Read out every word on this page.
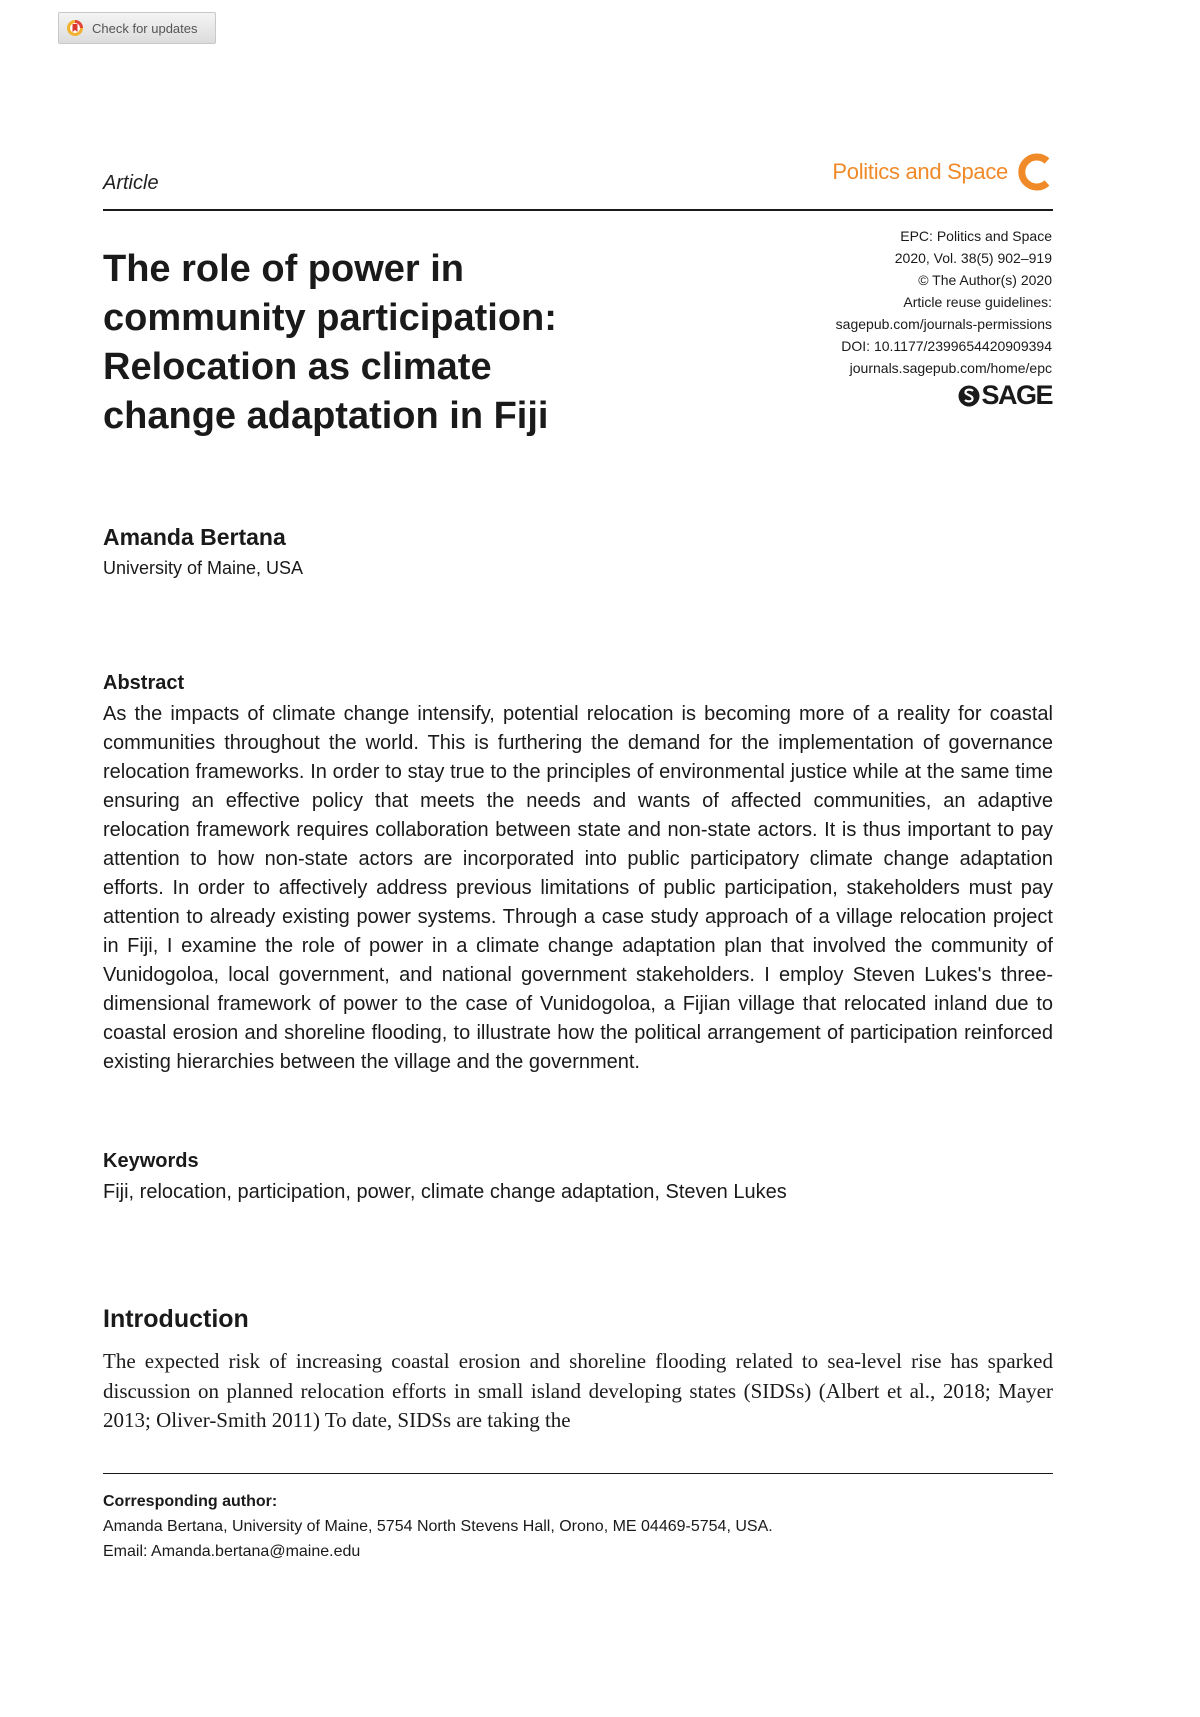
Check for updates
Article	Politics and Space
The role of power in
community participation:
Relocation as climate
change adaptation in Fiji
EPC: Politics and Space
2020, Vol. 38(5) 902–919
© The Author(s) 2020
Article reuse guidelines:
sagepub.com/journals-permissions
DOI: 10.1177/2399654420909394
journals.sagepub.com/home/epc
SAGE
Amanda Bertana
University of Maine, USA
Abstract

As the impacts of climate change intensify, potential relocation is becoming more of a reality for coastal communities throughout the world. This is furthering the demand for the implementation of governance relocation frameworks. In order to stay true to the principles of environmental justice while at the same time ensuring an effective policy that meets the needs and wants of affected communities, an adaptive relocation framework requires collaboration between state and non-state actors. It is thus important to pay attention to how non-state actors are incorporated into public participatory climate change adaptation efforts. In order to affectively address previous limitations of public participation, stakeholders must pay attention to already existing power systems. Through a case study approach of a village relocation project in Fiji, I examine the role of power in a climate change adaptation plan that involved the community of Vunidogoloa, local government, and national government stakeholders. I employ Steven Lukes's three-dimensional framework of power to the case of Vunidogoloa, a Fijian village that relocated inland due to coastal erosion and shoreline flooding, to illustrate how the political arrangement of participation reinforced existing hierarchies between the village and the government.

Keywords
Fiji, relocation, participation, power, climate change adaptation, Steven Lukes
Introduction

The expected risk of increasing coastal erosion and shoreline flooding related to sea-level rise has sparked discussion on planned relocation efforts in small island developing states (SIDSs) (Albert et al., 2018; Mayer 2013; Oliver-Smith 2011) To date, SIDSs are taking the

Corresponding author:
Amanda Bertana, University of Maine, 5754 North Stevens Hall, Orono, ME 04469-5754, USA.
Email: Amanda.bertana@maine.edu
